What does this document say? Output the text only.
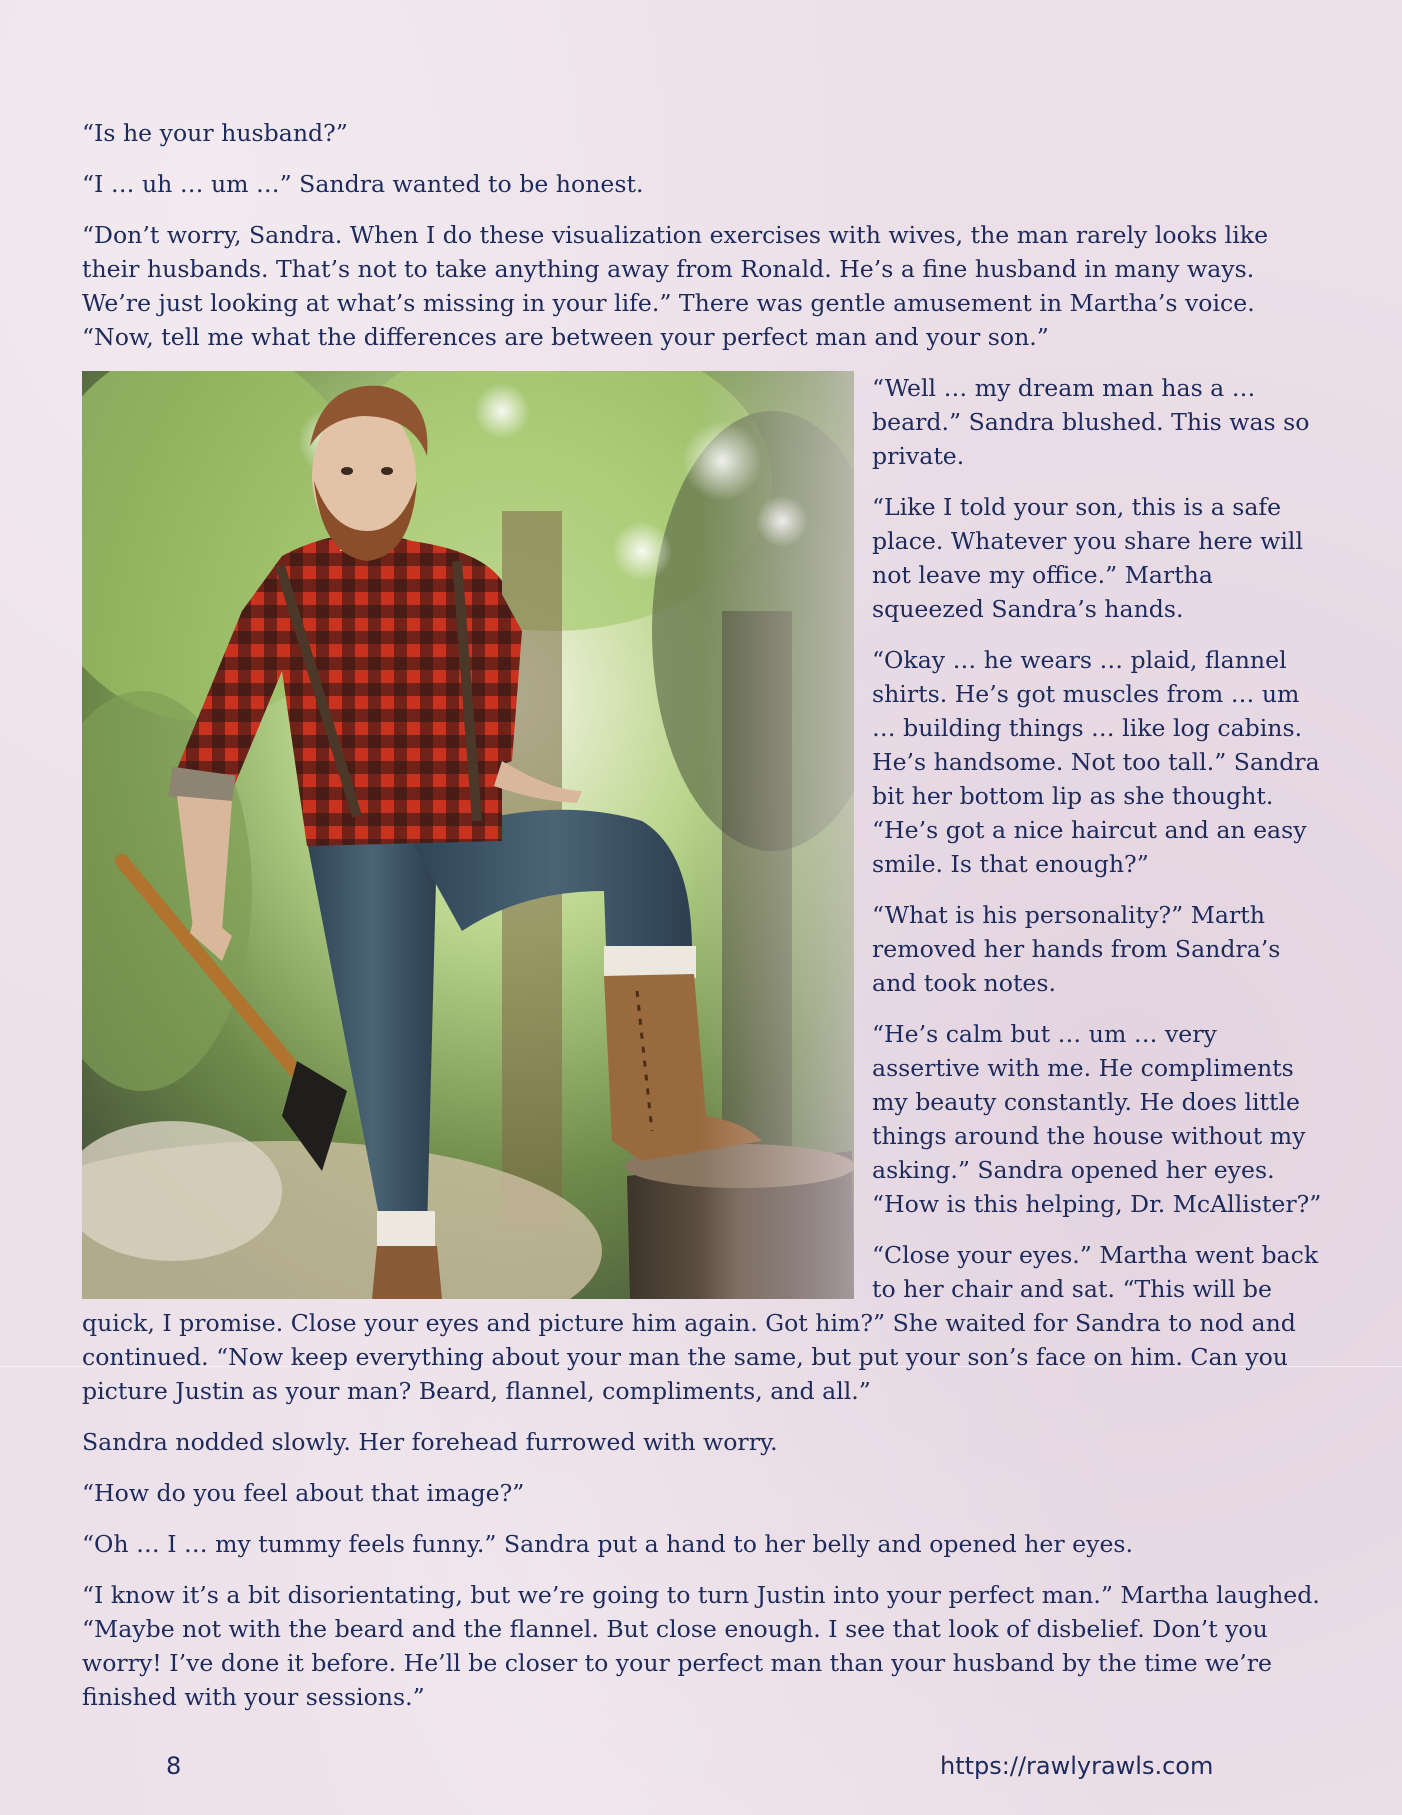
“Is he your husband?”

“I … uh … um …” Sandra wanted to be honest.

“Don’t worry, Sandra. When I do these visualization exercises with wives, the man rarely looks like their husbands. That’s not to take anything away from Ronald. He’s a fine husband in many ways. We’re just looking at what’s missing in your life.” There was gentle amusement in Martha’s voice. “Now, tell me what the differences are between your perfect man and your son.”

“Well … my dream man has a … beard.” Sandra blushed. This was so private.

“Like I told your son, this is a safe place. Whatever you share here will not leave my office.” Martha squeezed Sandra’s hands.

“Okay … he wears … plaid, flannel shirts. He’s got muscles from … um … building things … like log cabins. He’s handsome. Not too tall.” Sandra bit her bottom lip as she thought. “He’s got a nice haircut and an easy smile. Is that enough?”

“What is his personality?” Marth removed her hands from Sandra’s and took notes.

“He’s calm but … um … very assertive with me. He compliments my beauty constantly. He does little things around the house without my asking.” Sandra opened her eyes. “How is this helping, Dr. McAllister?”

“Close your eyes.” Martha went back to her chair and sat. “This will be quick, I promise. Close your eyes and picture him again. Got him?” She waited for Sandra to nod and continued. “Now keep everything about your man the same, but put your son’s face on him. Can you picture Justin as your man? Beard, flannel, compliments, and all.”

Sandra nodded slowly. Her forehead furrowed with worry.

“How do you feel about that image?”

“Oh … I … my tummy feels funny.” Sandra put a hand to her belly and opened her eyes.

“I know it’s a bit disorientating, but we’re going to turn Justin into your perfect man.” Martha laughed. “Maybe not with the beard and the flannel. But close enough. I see that look of disbelief. Don’t you worry! I’ve done it before. He’ll be closer to your perfect man than your husband by the time we’re finished with your sessions.”

8	https://rawlyrawls.com
